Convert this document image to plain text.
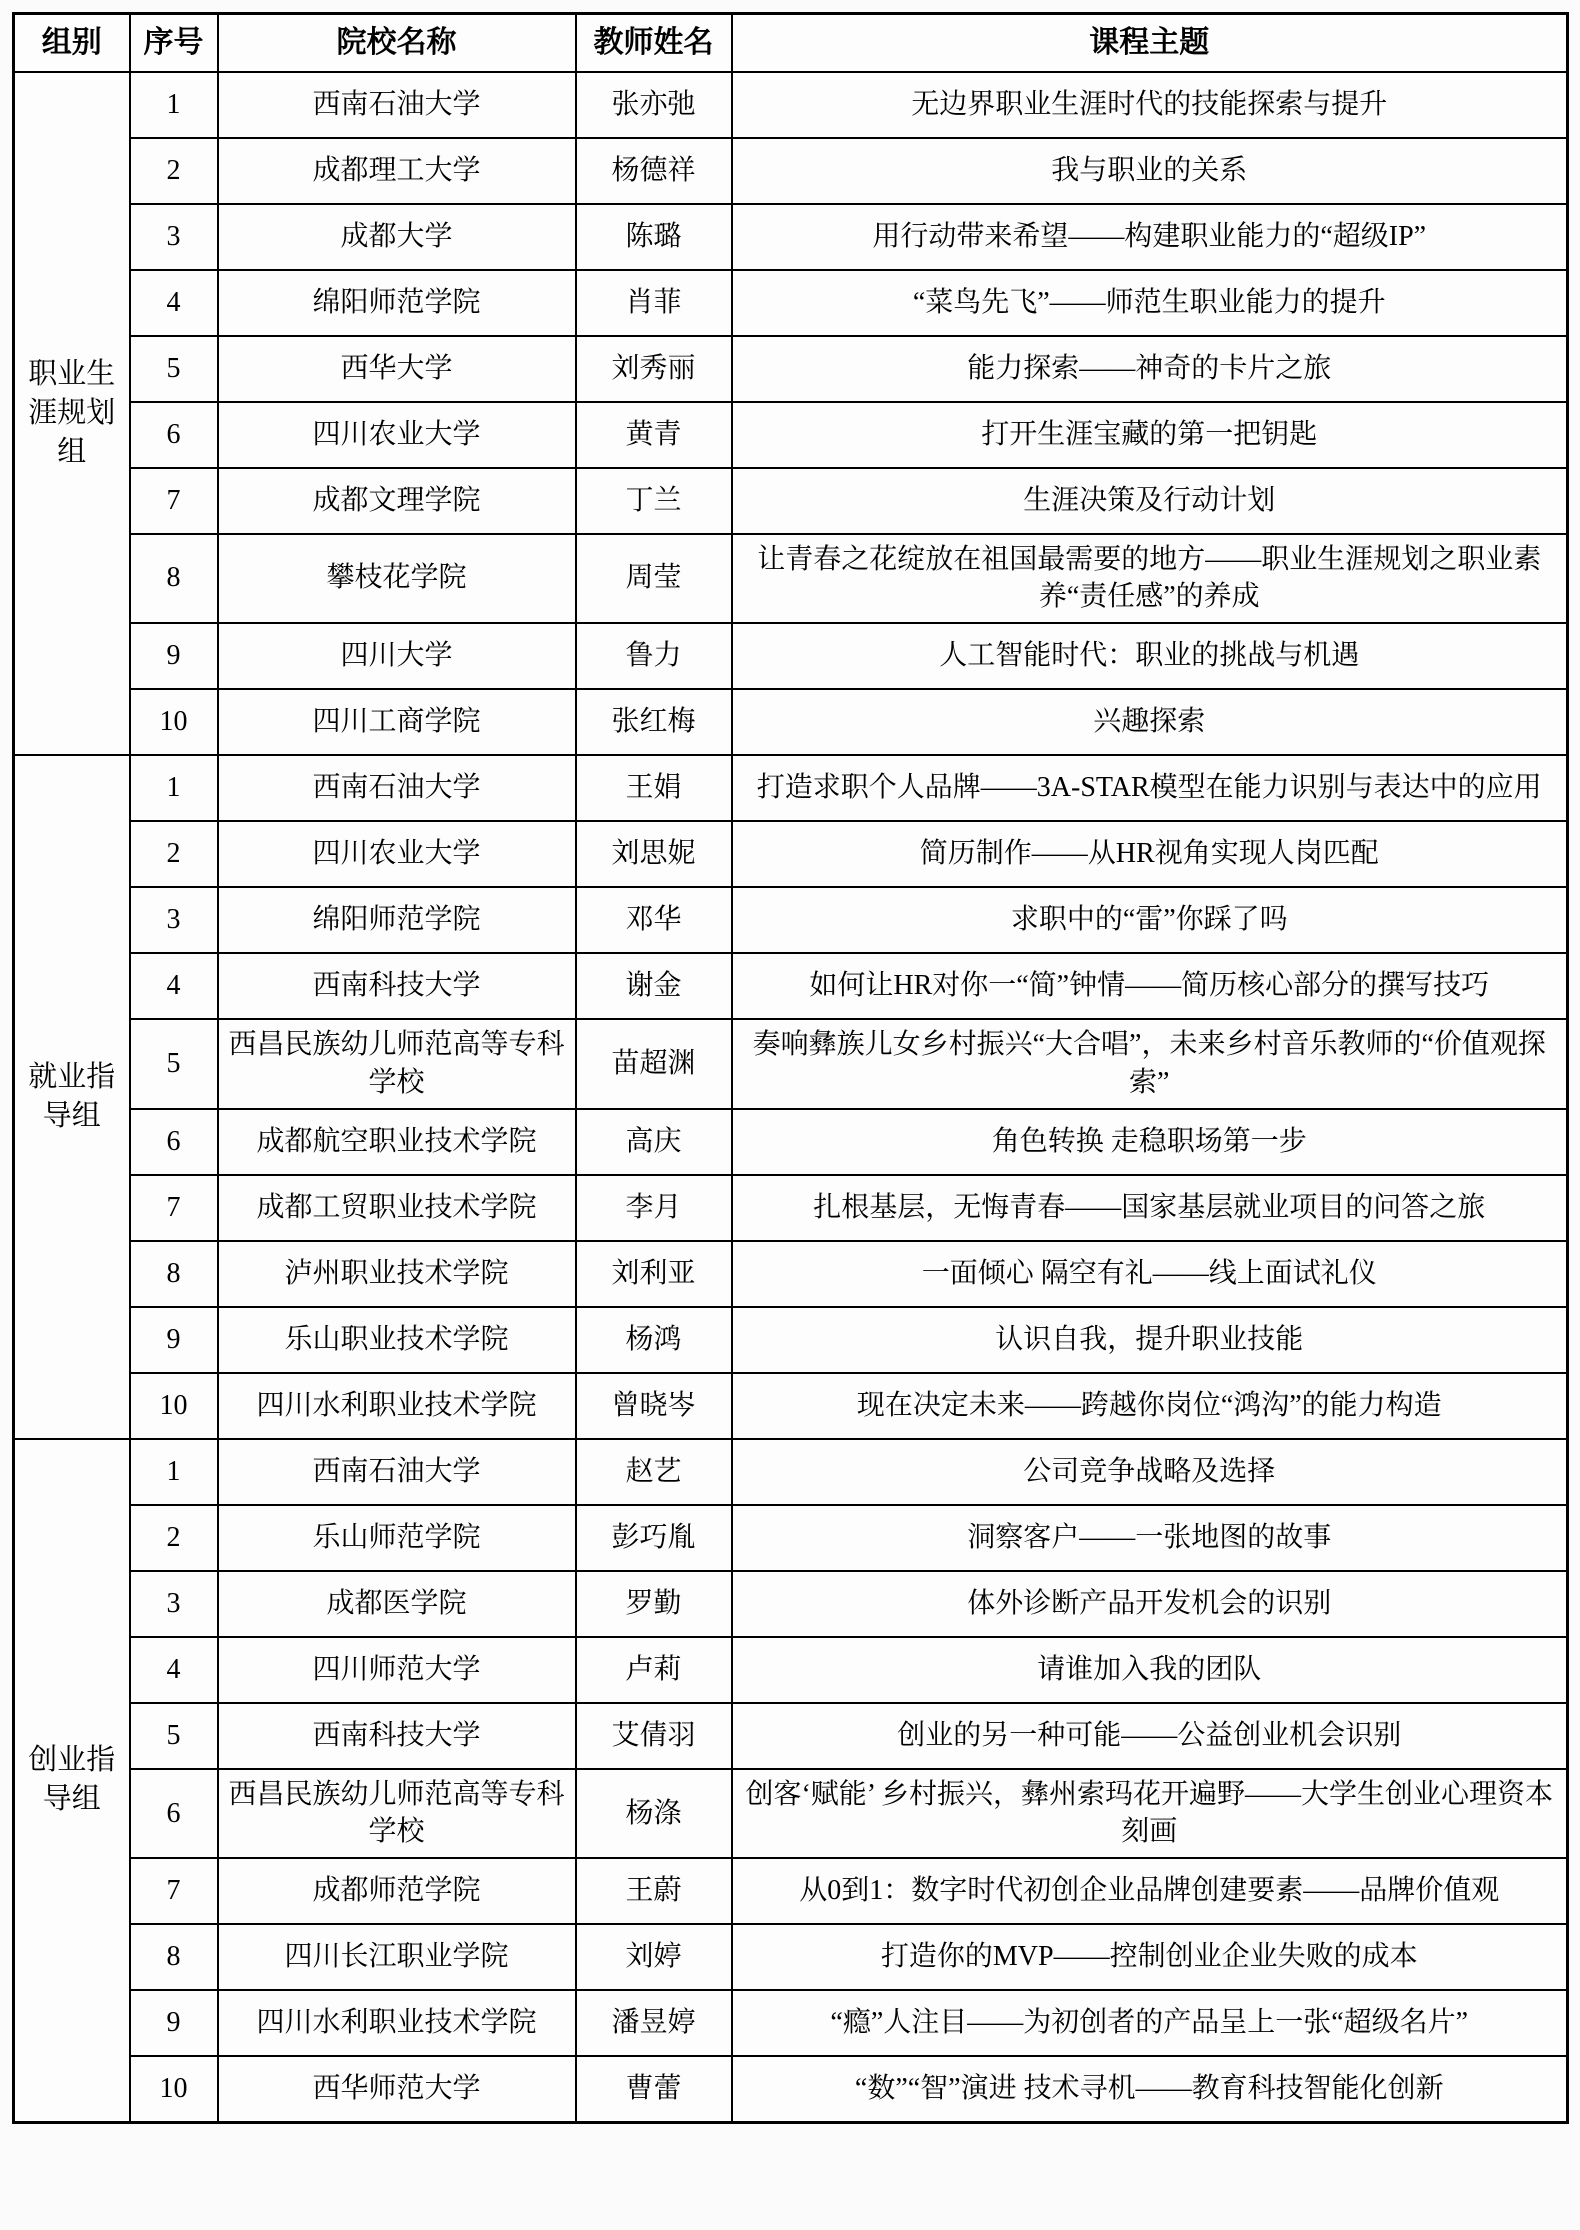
组别	序号	院校名称	教师姓名	课程主题
职业生涯规划组	1	西南石油大学	张亦弛	无边界职业生涯时代的技能探索与提升
	2	成都理工大学	杨德祥	我与职业的关系
	3	成都大学	陈璐	用行动带来希望——构建职业能力的“超级IP”
	4	绵阳师范学院	肖菲	“菜鸟先飞”——师范生职业能力的提升
	5	西华大学	刘秀丽	能力探索——神奇的卡片之旅
	6	四川农业大学	黄青	打开生涯宝藏的第一把钥匙
	7	成都文理学院	丁兰	生涯决策及行动计划
	8	攀枝花学院	周莹	让青春之花绽放在祖国最需要的地方——职业生涯规划之职业素养“责任感”的养成
	9	四川大学	鲁力	人工智能时代：职业的挑战与机遇
	10	四川工商学院	张红梅	兴趣探索
就业指导组	1	西南石油大学	王娟	打造求职个人品牌——3A-STAR模型在能力识别与表达中的应用
	2	四川农业大学	刘思妮	简历制作——从HR视角实现人岗匹配
	3	绵阳师范学院	邓华	求职中的“雷”你踩了吗
	4	西南科技大学	谢金	如何让HR对你一“简”钟情——简历核心部分的撰写技巧
	5	西昌民族幼儿师范高等专科学校	苗超渊	奏响彝族儿女乡村振兴“大合唱”，未来乡村音乐教师的“价值观探索”
	6	成都航空职业技术学院	高庆	角色转换 走稳职场第一步
	7	成都工贸职业技术学院	李月	扎根基层，无悔青春——国家基层就业项目的问答之旅
	8	泸州职业技术学院	刘利亚	一面倾心 隔空有礼——线上面试礼仪
	9	乐山职业技术学院	杨鸿	认识自我，提升职业技能
	10	四川水利职业技术学院	曾晓岑	现在决定未来——跨越你岗位“鸿沟”的能力构造
创业指导组	1	西南石油大学	赵艺	公司竞争战略及选择
	2	乐山师范学院	彭巧胤	洞察客户——一张地图的故事
	3	成都医学院	罗勤	体外诊断产品开发机会的识别
	4	四川师范大学	卢莉	请谁加入我的团队
	5	西南科技大学	艾倩羽	创业的另一种可能——公益创业机会识别
	6	西昌民族幼儿师范高等专科学校	杨涤	创客‘赋能’ 乡村振兴，彝州索玛花开遍野——大学生创业心理资本刻画
	7	成都师范学院	王蔚	从0到1：数字时代初创企业品牌创建要素——品牌价值观
	8	四川长江职业学院	刘婷	打造你的MVP——控制创业企业失败的成本
	9	四川水利职业技术学院	潘昱婷	“瘾”人注目——为初创者的产品呈上一张“超级名片”
	10	西华师范大学	曹蕾	“数”“智”演进 技术寻机——教育科技智能化创新
